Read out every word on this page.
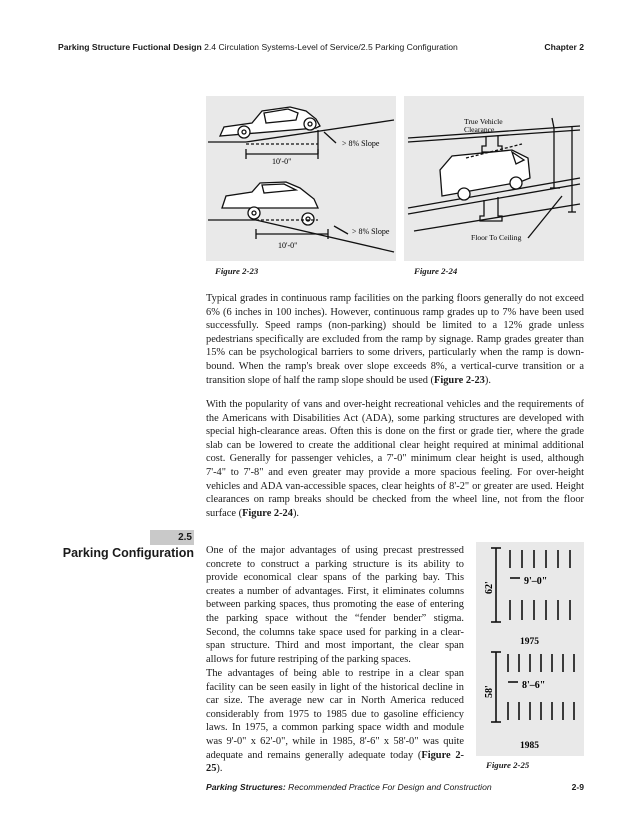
Parking Structure Fuctional Design 2.4 Circulation Systems-Level of Service/2.5 Parking Configuration	Chapter 2
> 8% Slope
10'-0"
> 8% Slope
10'-0"
Figure 2-23
True Vehicle
Clearance
Floor To Ceiling
Figure 2-24

Typical grades in continuous ramp facilities on the parking floors generally do not exceed 6% (6 inches in 100 inches). However, continuous ramp grades up to 7% have been used successfully. Speed ramps (non-parking) should be limited to a 12% grade unless pedestrians specifically are excluded from the ramp by signage. Ramp grades greater than 15% can be psychological barriers to some drivers, particularly when the ramp is down-bound. When the ramp's break over slope exceeds 8%, a vertical-curve transition or a transition slope of half the ramp slope should be used (Figure 2-23).

With the popularity of vans and over-height recreational vehicles and the requirements of the Americans with Disabilities Act (ADA), some parking structures are developed with special high-clearance areas. Often this is done on the first or grade tier, where the grade slab can be lowered to create the additional clear height required at minimal additional cost. Generally for passenger vehicles, a 7'-0" minimum clear height is used, although 7'-4" to 7'-8" and even greater may provide a more spacious feeling. For over-height vehicles and ADA van-accessible spaces, clear heights of 8'-2" or greater are used. Height clearances on ramp breaks should be checked from the wheel line, not from the floor surface (Figure 2-24).

2.5
Parking Configuration One of the major advantages of using precast prestressed concrete to construct a parking structure is its ability to provide economical clear spans of the parking bay. This creates a number of advantages. First, it eliminates columns between parking spaces, thus promoting the ease of entering the parking space without the “fender bender” stigma. Second, the columns take space used for parking in a clear-span structure. Third and most important, the clear span allows for future restriping of the parking spaces.

The advantages of being able to restripe in a clear span facility can be seen easily in light of the historical decline in car size. The average new car in North America reduced considerably from 1975 to 1985 due to gasoline efficiency laws. In 1975, a common parking space width and module was 9'-0" x 62'-0", while in 1985, 8'-6" x 58'-0" was quite adequate and remains generally adequate today (Figure 2-25).

62'	9'–0"
1975
58'	8'–6"
1985
Figure 2-25
Parking Structures: Recommended Practice For Design and Construction	2-9
